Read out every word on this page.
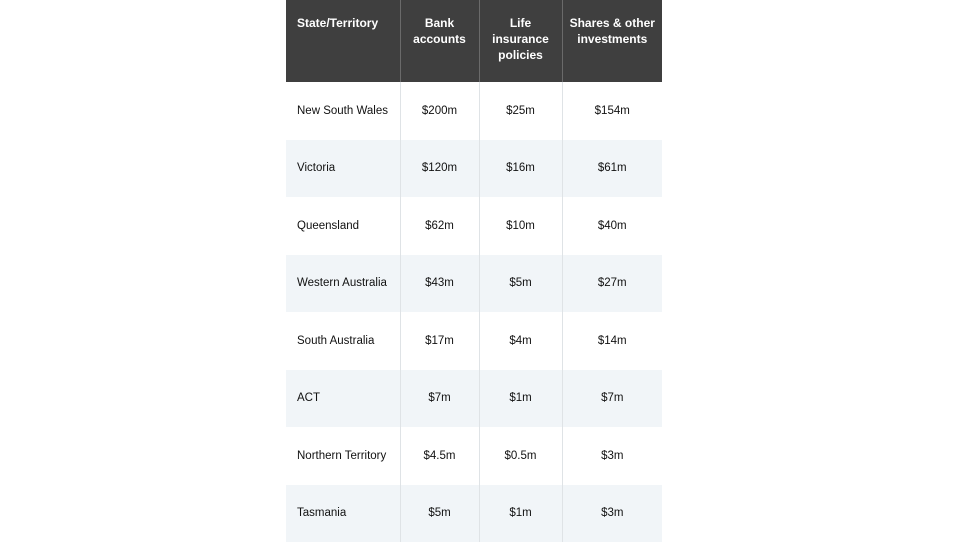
State/Territory	Bank accounts	Life insurance policies	Shares & other investments
New South Wales	$200m	$25m	$154m
Victoria	$120m	$16m	$61m
Queensland	$62m	$10m	$40m
Western Australia	$43m	$5m	$27m
South Australia	$17m	$4m	$14m
ACT	$7m	$1m	$7m
Northern Territory	$4.5m	$0.5m	$3m
Tasmania	$5m	$1m	$3m
